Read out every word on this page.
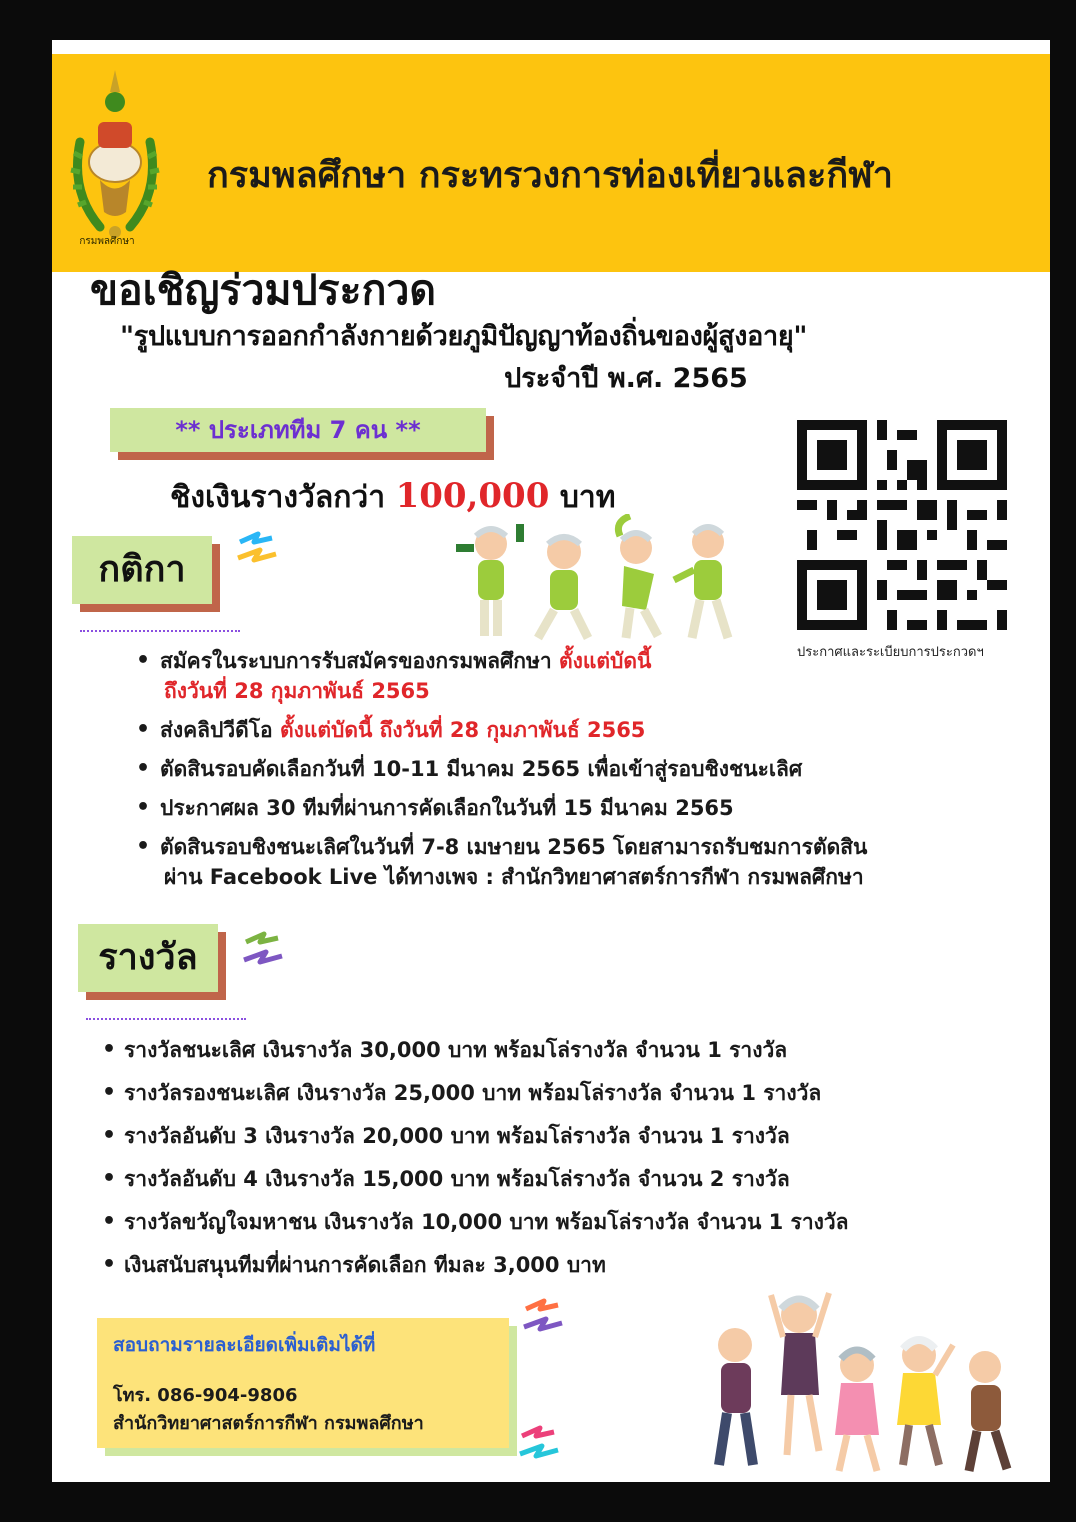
กรมพลศึกษา
กรมพลศึกษา กระทรวงการท่องเที่ยวและกีฬา
ขอเชิญร่วมประกวด
"รูปแบบการออกกำลังกายด้วยภูมิปัญญาท้องถิ่นของผู้สูงอายุ"
ประจำปี พ.ศ. 2565
** ประเภททีม 7 คน **
ชิงเงินรางวัลกว่า 100,000 บาท
ประกาศและระเบียบการประกวดฯ
กติกา
• สมัครในระบบการรับสมัครของกรมพลศึกษา ตั้งแต่บัดนี้
ถึงวันที่ 28 กุมภาพันธ์ 2565
• ส่งคลิปวีดีโอ ตั้งแต่บัดนี้ ถึงวันที่ 28 กุมภาพันธ์ 2565
• ตัดสินรอบคัดเลือกวันที่ 10-11 มีนาคม 2565 เพื่อเข้าสู่รอบชิงชนะเลิศ
• ประกาศผล 30 ทีมที่ผ่านการคัดเลือกในวันที่ 15 มีนาคม 2565
• ตัดสินรอบชิงชนะเลิศในวันที่ 7-8 เมษายน 2565 โดยสามารถรับชมการตัดสิน
ผ่าน Facebook Live ได้ทางเพจ : สำนักวิทยาศาสตร์การกีฬา กรมพลศึกษา
รางวัล
• รางวัลชนะเลิศ เงินรางวัล 30,000 บาท พร้อมโล่รางวัล จำนวน 1 รางวัล
• รางวัลรองชนะเลิศ เงินรางวัล 25,000 บาท พร้อมโล่รางวัล จำนวน 1 รางวัล
• รางวัลอันดับ 3 เงินรางวัล 20,000 บาท พร้อมโล่รางวัล จำนวน 1 รางวัล
• รางวัลอันดับ 4 เงินรางวัล 15,000 บาท พร้อมโล่รางวัล จำนวน 2 รางวัล
• รางวัลขวัญใจมหาชน เงินรางวัล 10,000 บาท พร้อมโล่รางวัล จำนวน 1 รางวัล
• เงินสนับสนุนทีมที่ผ่านการคัดเลือก ทีมละ 3,000 บาท
สอบถามรายละเอียดเพิ่มเติมได้ที่
โทร. 086-904-9806
สำนักวิทยาศาสตร์การกีฬา กรมพลศึกษา
